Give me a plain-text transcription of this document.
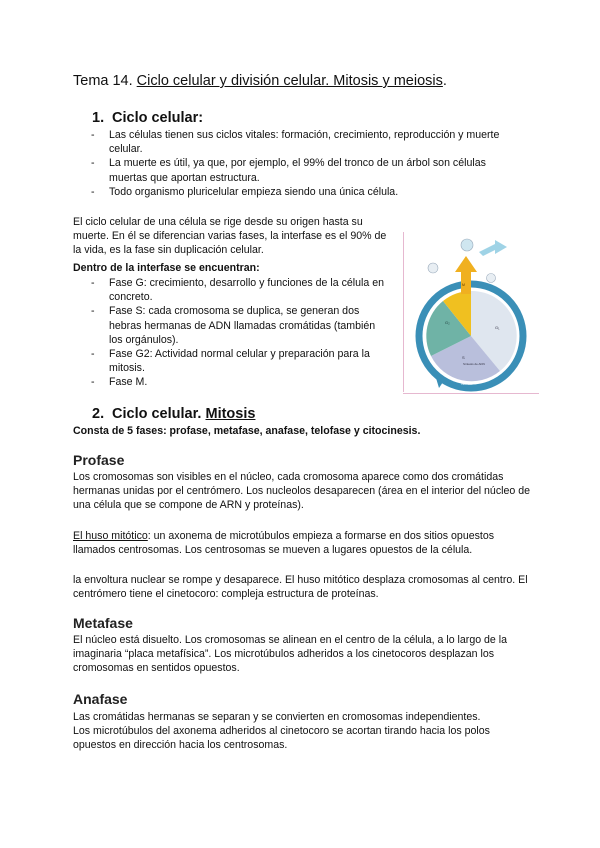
Tema 14. Ciclo celular y división celular. Mitosis y meiosis.
1. Ciclo celular:
- Las células tienen sus ciclos vitales: formación, crecimiento, reproducción y muerte celular.
- La muerte es útil, ya que, por ejemplo, el 99% del tronco de un árbol son células muertas que aportan estructura.
- Todo organismo pluricelular empieza siendo una única célula.
El ciclo celular de una célula se rige desde su origen hasta su muerte. En él se diferencian varias fases, la interfase es el 90% de la vida, es la fase sin duplicación celular.
Dentro de la interfase se encuentran:
- Fase G: crecimiento, desarrollo y funciones de la célula en concreto.
- Fase S: cada cromosoma se duplica, se generan dos hebras hermanas de ADN llamadas cromátidas (también los orgánulos).
- Fase G2: Actividad normal celular y preparación para la mitosis.
- Fase M.
G₂
G₁
S
Síntesis de ADN
M
Interfase
2. Ciclo celular. Mitosis
Consta de 5 fases: profase, metafase, anafase, telofase y citocinesis.
Profase
Los cromosomas son visibles en el núcleo, cada cromosoma aparece como dos cromátidas hermanas unidas por el centrómero. Los nucleolos desaparecen (área en el interior del núcleo de una célula que se compone de ARN y proteínas).
El huso mitótico: un axonema de microtúbulos empieza a formarse en dos sitios opuestos llamados centrosomas. Los centrosomas se mueven a lugares opuestos de la célula.
la envoltura nuclear se rompe y desaparece. El huso mitótico desplaza cromosomas al centro. El centrómero tiene el cinetocoro: compleja estructura de proteínas.
Metafase
El núcleo está disuelto. Los cromosomas se alinean en el centro de la célula, a lo largo de la imaginaria “placa metafísica”. Los microtúbulos adheridos a los cinetocoros desplazan los cromosomas en sentidos opuestos.
Anafase
Las cromátidas hermanas se separan y se convierten en cromosomas independientes.
Los microtúbulos del axonema adheridos al cinetocoro se acortan tirando hacia los polos opuestos en dirección hacia los centrosomas.
